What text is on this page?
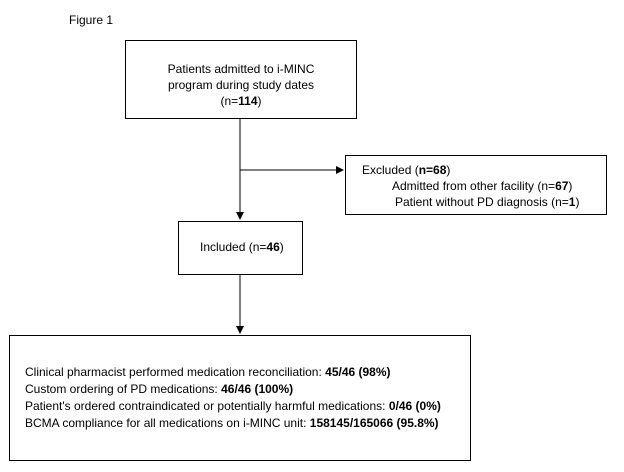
Figure 1
Patients admitted to i-MINC
program during study dates
(n=114)
Excluded (n=68)
Admitted from other facility (n=67)
Patient without PD diagnosis (n=1)
Included (n=46)
Clinical pharmacist performed medication reconciliation: 45/46 (98%)
Custom ordering of PD medications: 46/46 (100%)
Patient's ordered contraindicated or potentially harmful medications: 0/46 (0%)
BCMA compliance for all medications on i-MINC unit: 158145/165066 (95.8%)
